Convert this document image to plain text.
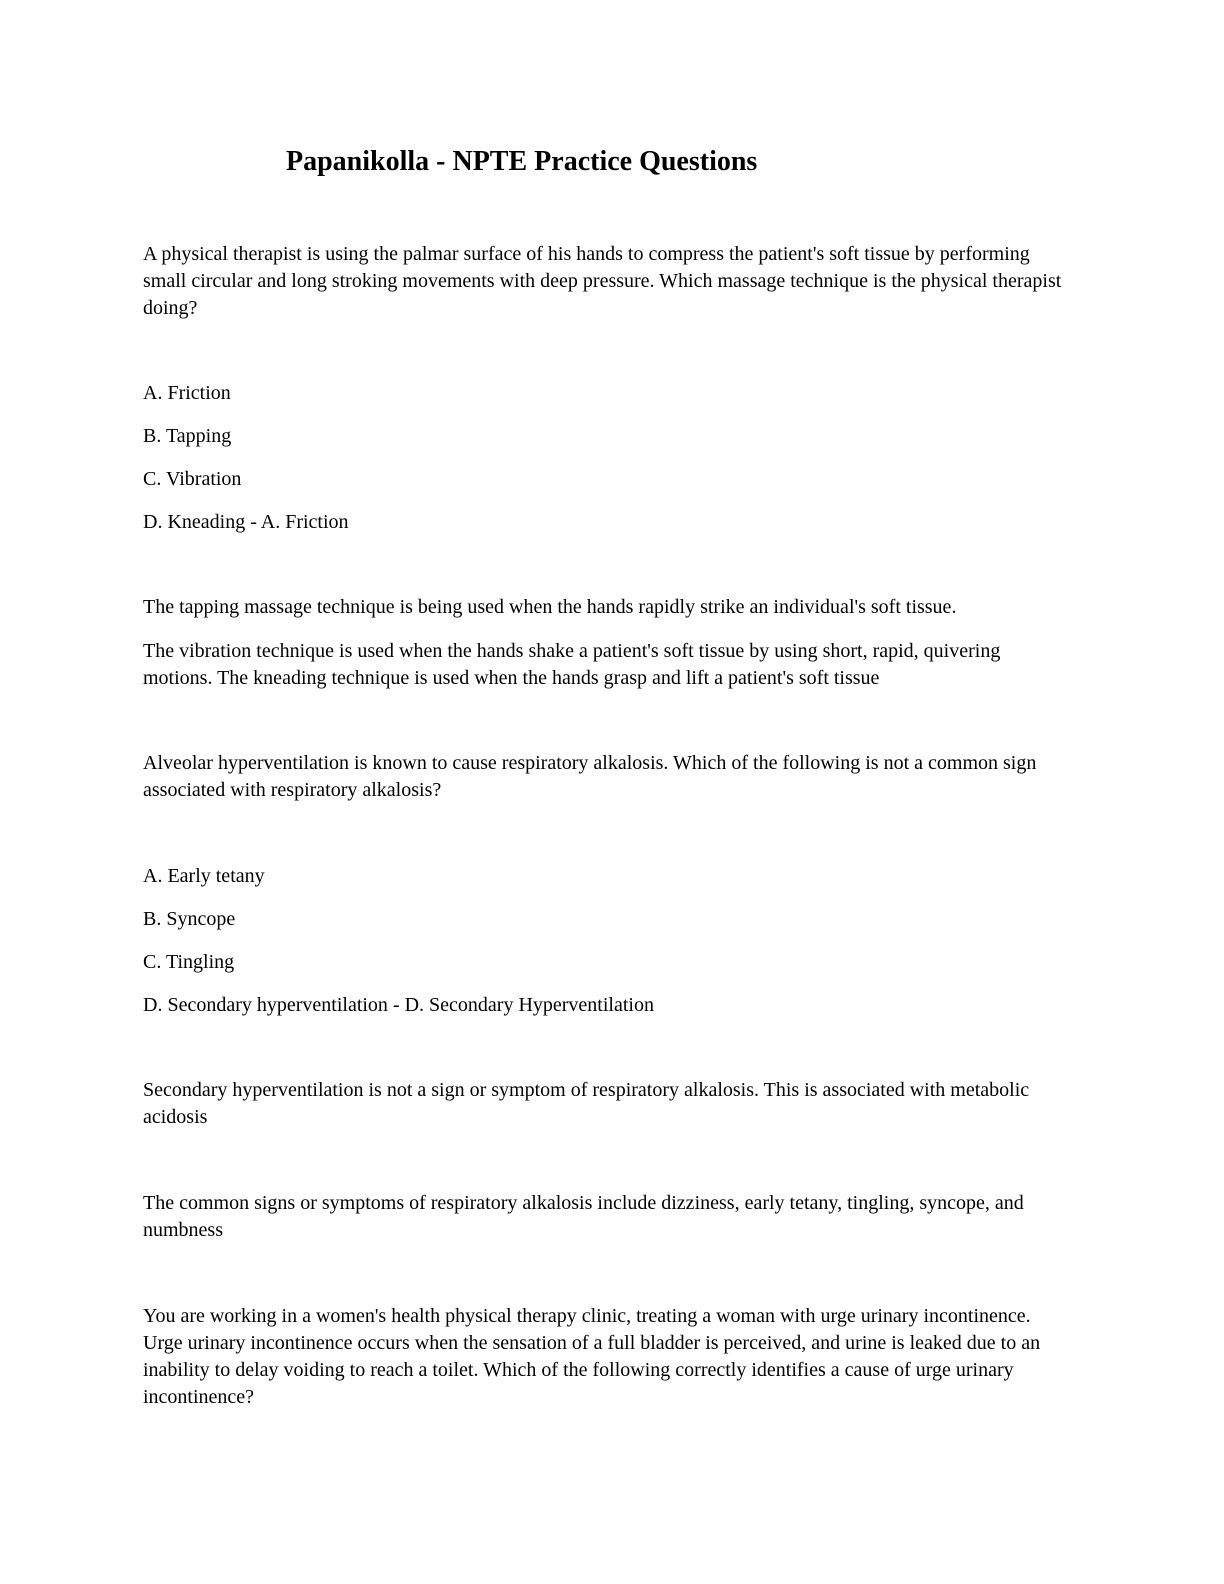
Papanikolla - NPTE Practice Questions

A physical therapist is using the palmar surface of his hands to compress the patient's soft tissue by performing small circular and long stroking movements with deep pressure. Which massage technique is the physical therapist doing?

A. Friction

B. Tapping

C. Vibration

D. Kneading - A. Friction

The tapping massage technique is being used when the hands rapidly strike an individual's soft tissue.

The vibration technique is used when the hands shake a patient's soft tissue by using short, rapid, quivering motions. The kneading technique is used when the hands grasp and lift a patient's soft tissue

Alveolar hyperventilation is known to cause respiratory alkalosis. Which of the following is not a common sign associated with respiratory alkalosis?

A. Early tetany

B. Syncope

C. Tingling

D. Secondary hyperventilation - D. Secondary Hyperventilation

Secondary hyperventilation is not a sign or symptom of respiratory alkalosis. This is associated with metabolic acidosis

The common signs or symptoms of respiratory alkalosis include dizziness, early tetany, tingling, syncope, and numbness

You are working in a women's health physical therapy clinic, treating a woman with urge urinary incontinence. Urge urinary incontinence occurs when the sensation of a full bladder is perceived, and urine is leaked due to an inability to delay voiding to reach a toilet. Which of the following correctly identifies a cause of urge urinary incontinence?
